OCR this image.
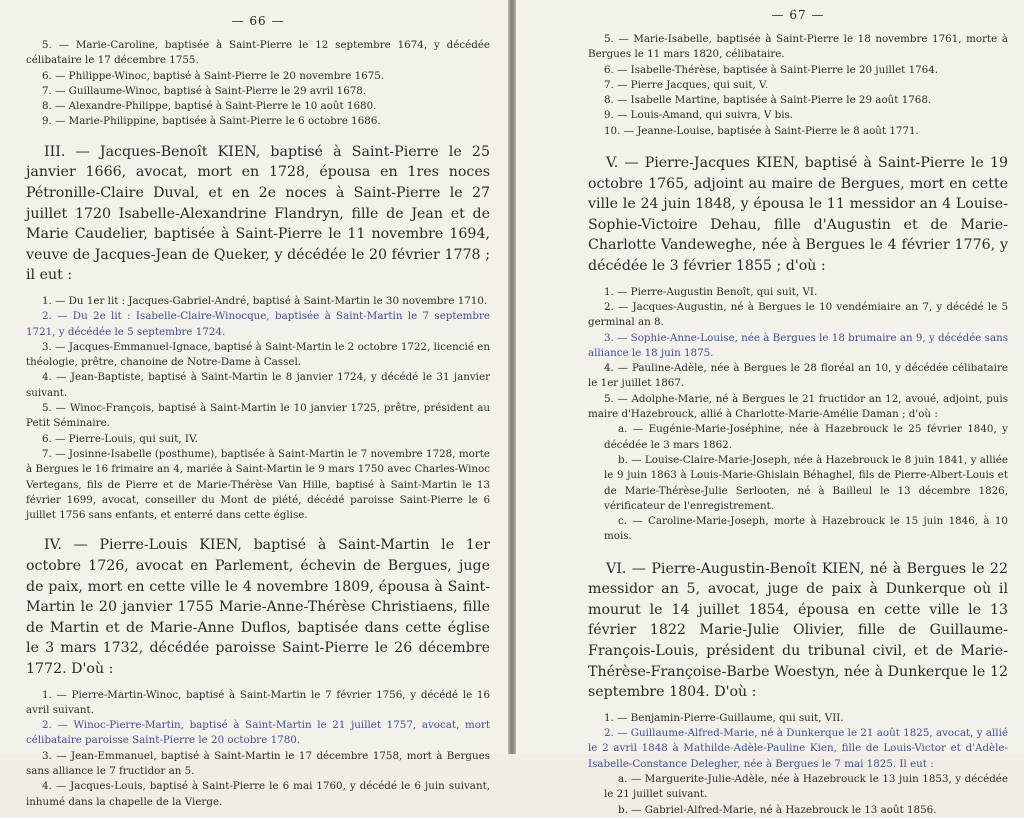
— 66 —

5. — Marie-Caroline, baptisée à Saint-Pierre le 12 septembre 1674, y décédée célibataire le 17 décembre 1755.

6. — Philippe-Winoc, baptisé à Saint-Pierre le 20 novembre 1675.

7. — Guillaume-Winoc, baptisé à Saint-Pierre le 29 avril 1678.

8. — Alexandre-Philippe, baptisé à Saint-Pierre le 10 août 1680.

9. — Marie-Philippine, baptisée à Saint-Pierre le 6 octobre 1686.

III. — Jacques-Benoît KIEN, baptisé à Saint-Pierre le 25 janvier 1666, avocat, mort en 1728, épousa en 1res noces Pétronille-Claire Duval, et en 2e noces à Saint-Pierre le 27 juillet 1720 Isabelle-Alexandrine Flandryn, fille de Jean et de Marie Caudelier, baptisée à Saint-Pierre le 11 novembre 1694, veuve de Jacques-Jean de Queker, y décédée le 20 février 1778 ; il eut :

1. — Du 1er lit : Jacques-Gabriel-André, baptisé à Saint-Martin le 30 novembre 1710.

2. — Du 2e lit : Isabelle-Claire-Winocque, baptisée à Saint-Martin le 7 septembre 1721, y décédée le 5 septembre 1724.

3. — Jacques-Emmanuel-Ignace, baptisé à Saint-Martin le 2 octobre 1722, licencié en théologie, prêtre, chanoine de Notre-Dame à Cassel.

4. — Jean-Baptiste, baptisé à Saint-Martin le 8 janvier 1724, y décédé le 31 janvier suivant.

5. — Winoc-François, baptisé à Saint-Martin le 10 janvier 1725, prêtre, président au Petit Séminaire.

6. — Pierre-Louis, qui suit, IV.

7. — Josinne-Isabelle (posthume), baptisée à Saint-Martin le 7 novembre 1728, morte à Bergues le 16 frimaire an 4, mariée à Saint-Martin le 9 mars 1750 avec Charles-Winoc Vertegans, fils de Pierre et de Marie-Thérèse Van Hille, baptisé à Saint-Martin le 13 février 1699, avocat, conseiller du Mont de piété, décédé paroisse Saint-Pierre le 6 juillet 1756 sans enfants, et enterré dans cette église.

IV. — Pierre-Louis KIEN, baptisé à Saint-Martin le 1er octobre 1726, avocat en Parlement, échevin de Bergues, juge de paix, mort en cette ville le 4 novembre 1809, épousa à Saint-Martin le 20 janvier 1755 Marie-Anne-Thérèse Christiaens, fille de Martin et de Marie-Anne Duflos, baptisée dans cette église le 3 mars 1732, décédée paroisse Saint-Pierre le 26 décembre 1772. D'où :

1. — Pierre-Martin-Winoc, baptisé à Saint-Martin le 7 février 1756, y décédé le 16 avril suivant.

2. — Winoc-Pierre-Martin, baptisé à Saint-Martin le 21 juillet 1757, avocat, mort célibataire paroisse Saint-Pierre le 20 octobre 1780.

3. — Jean-Emmanuel, baptisé à Saint-Martin le 17 décembre 1758, mort à Bergues sans alliance le 7 fructidor an 5.

4. — Jacques-Louis, baptisé à Saint-Pierre le 6 mai 1760, y décédé le 6 juin suivant, inhumé dans la chapelle de la Vierge.

— 67 —

5. — Marie-Isabelle, baptisée à Saint-Pierre le 18 novembre 1761, morte à Bergues le 11 mars 1820, célibataire.

6. — Isabelle-Thérèse, baptisée à Saint-Pierre le 20 juillet 1764.

7. — Pierre Jacques, qui suit, V.

8. — Isabelle Martine, baptisée à Saint-Pierre le 29 août 1768.

9. — Louis-Amand, qui suivra, V bis.

10. — Jeanne-Louise, baptisée à Saint-Pierre le 8 août 1771.

V. — Pierre-Jacques KIEN, baptisé à Saint-Pierre le 19 octobre 1765, adjoint au maire de Bergues, mort en cette ville le 24 juin 1848, y épousa le 11 messidor an 4 Louise-Sophie-Victoire Dehau, fille d'Augustin et de Marie-Charlotte Vandeweghe, née à Bergues le 4 février 1776, y décédée le 3 février 1855 ; d'où :

1. — Pierre-Augustin Benoît, qui suit, VI.

2. — Jacques-Augustin, né à Bergues le 10 vendémiaire an 7, y décédé le 5 germinal an 8.

3. — Sophie-Anne-Louise, née à Bergues le 18 brumaire an 9, y décédée sans alliance le 18 juin 1875.

4. — Pauline-Adèle, née à Bergues le 28 floréal an 10, y décédée célibataire le 1er juillet 1867.

5. — Adolphe-Marie, né à Bergues le 21 fructidor an 12, avoué, adjoint, puis maire d'Hazebrouck, allié à Charlotte-Marie-Amélie Daman ; d'où :

a. — Eugénie-Marie-Joséphine, née à Hazebrouck le 25 février 1840, y décédée le 3 mars 1862.

b. — Louise-Claire-Marie-Joseph, née à Hazebrouck le 8 juin 1841, y alliée le 9 juin 1863 à Louis-Marie-Ghislain Béhaghel, fils de Pierre-Albert-Louis et de Marie-Thérèse-Julie Serlooten, né à Bailleul le 13 décembre 1826, vérificateur de l'enregistrement.

c. — Caroline-Marie-Joseph, morte à Hazebrouck le 15 juin 1846, à 10 mois.

VI. — Pierre-Augustin-Benoît KIEN, né à Bergues le 22 messidor an 5, avocat, juge de paix à Dunkerque où il mourut le 14 juillet 1854, épousa en cette ville le 13 février 1822 Marie-Julie Olivier, fille de Guillaume-François-Louis, président du tribunal civil, et de Marie-Thérèse-Françoise-Barbe Woestyn, née à Dunkerque le 12 septembre 1804. D'où :

1. — Benjamin-Pierre-Guillaume, qui suit, VII.

2. — Guillaume-Alfred-Marie, né à Dunkerque le 21 août 1825, avocat, y allié le 2 avril 1848 à Mathilde-Adèle-Pauline Kien, fille de Louis-Victor et d'Adèle-Isabelle-Constance Delegher, née à Bergues le 7 mai 1825. Il eut :

a. — Marguerite-Julie-Adèle, née à Hazebrouck le 13 juin 1853, y décédée le 21 juillet suivant.

b. — Gabriel-Alfred-Marie, né à Hazebrouck le 13 août 1856.
